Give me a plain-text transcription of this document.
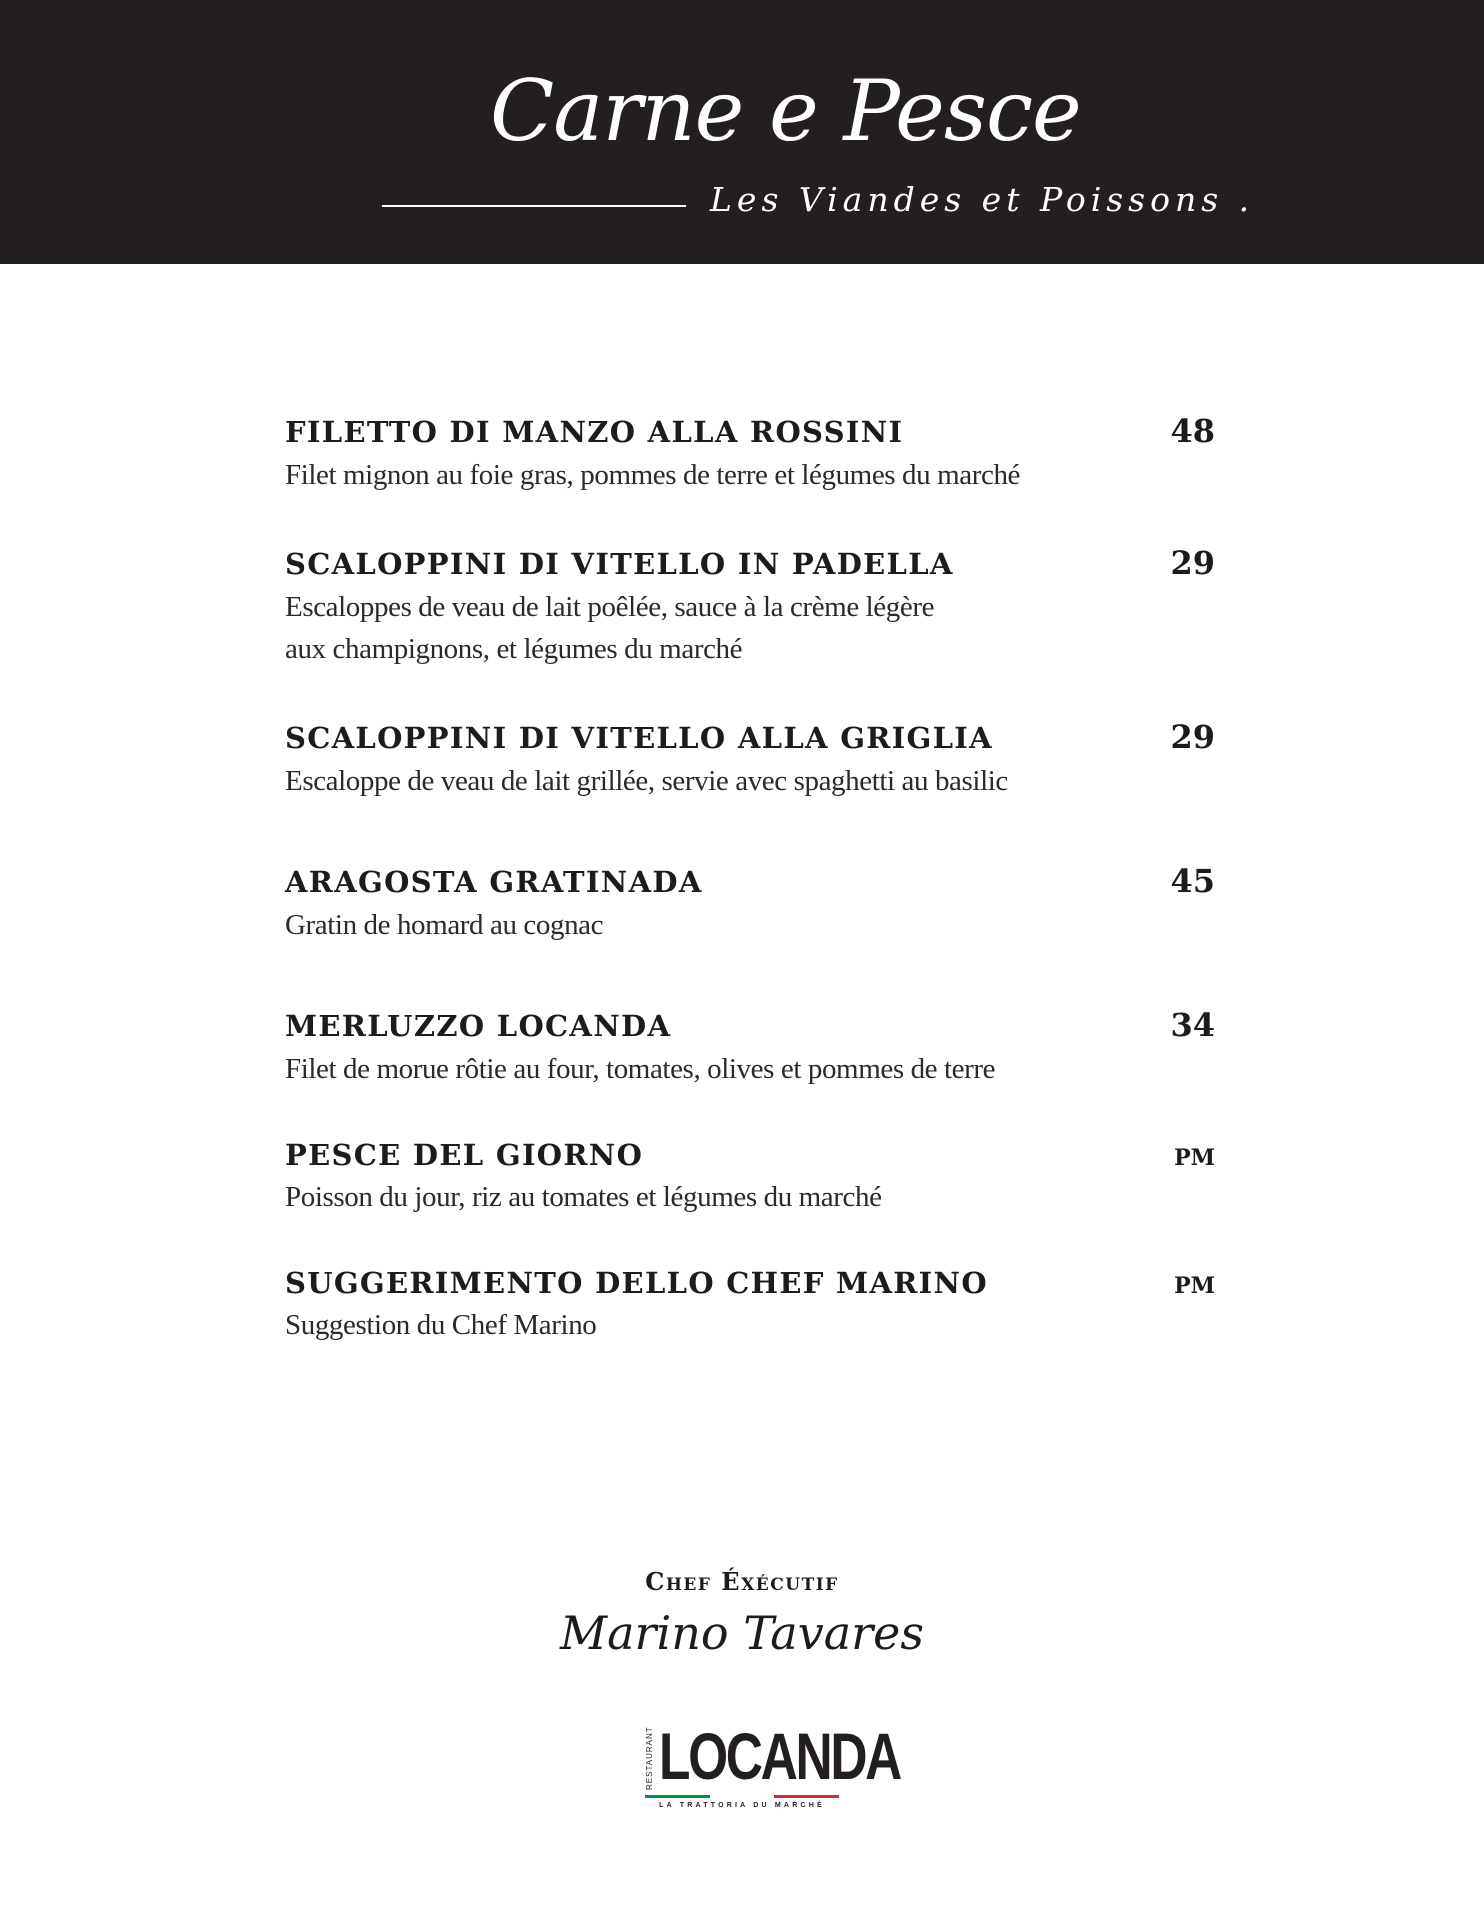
Carne e Pesce
Les Viandes et Poissons .
FILETTO DI MANZO ALLA ROSSINI	48
Filet mignon au foie gras, pommes de terre et légumes du marché
SCALOPPINI DI VITELLO IN PADELLA	29
Escaloppes de veau de lait poêlée, sauce à la crème légère
aux champignons, et légumes du marché
SCALOPPINI DI VITELLO ALLA GRIGLIA	29
Escaloppe de veau de lait grillée, servie avec spaghetti au basilic
ARAGOSTA GRATINADA	45
Gratin de homard au cognac
MERLUZZO LOCANDA	34
Filet de morue rôtie au four, tomates, olives et pommes de terre
PESCE DEL GIORNO	PM
Poisson du jour, riz au tomates et légumes du marché
SUGGERIMENTO DELLO CHEF MARINO	PM
Suggestion du Chef Marino
Chef Éxécutif
Marino Tavares
RESTAURANT LOCANDA
LA TRATTORIA DU MARCHÉ
